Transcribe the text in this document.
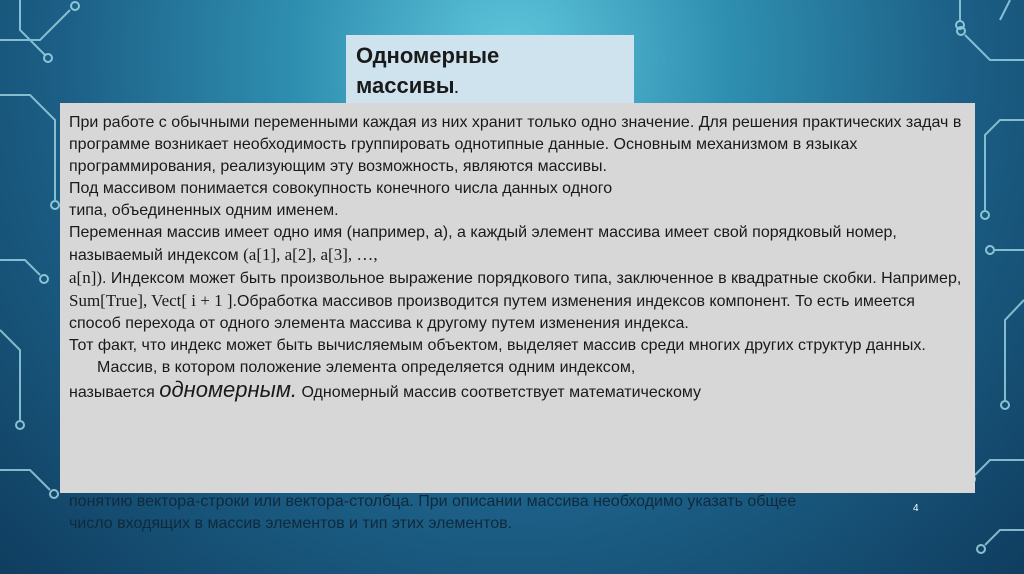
Одномерные
массивы.

При работе с обычными переменными каждая из них хранит только одно значение. Для решения практических задач в программе возникает необходимость группировать однотипные данные. Основным механизмом в языках программирования, реализующим эту возможность, являются массивы.

Под массивом понимается совокупность конечного числа данных одного

типа, объединенных одним именем.

Переменная массив имеет одно имя (например, а), а каждый элемент массива имеет свой порядковый номер, называемый индексом (a[1], a[2], a[3], …,
a[n]). Индексом может быть произвольное выражение порядкового типа, заключенное в квадратные скобки. Например, Sum[True], Vect[ i + 1 ].Обработка массивов производится путем изменения индексов компонент. То есть имеется способ перехода от одного элемента массива к другому путем изменения индекса.

Тот факт, что индекс может быть вычисляемым объектом, выделяет массив среди многих других структур данных.

Массив, в котором положение элемента определяется одним индексом,

называется одномерным. Одномерный массив соответствует математическому

понятию вектора-строки или вектора-столбца. При описании массива необходимо указать общее

число входящих в массив элементов и тип этих элементов.

4
